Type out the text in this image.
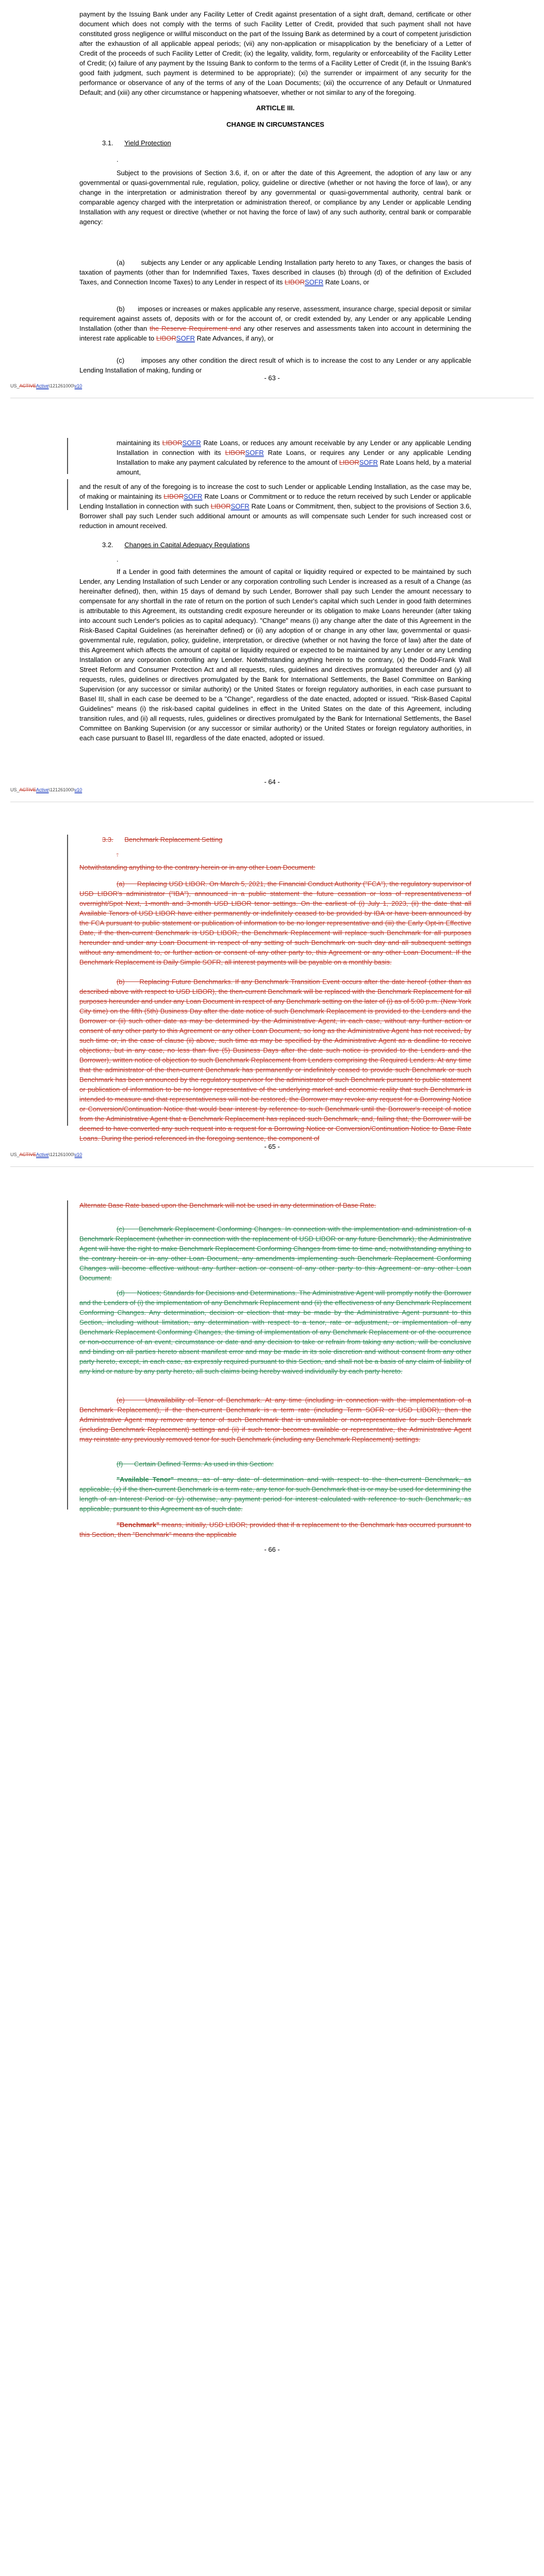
payment by the Issuing Bank under any Facility Letter of Credit against presentation of a sight draft, demand, certificate or other document which does not comply with the terms of such Facility Letter of Credit, provided that such payment shall not have constituted gross negligence or willful misconduct on the part of the Issuing Bank as determined by a court of competent jurisdiction after the exhaustion of all applicable appeal periods; (vii) any non-application or misapplication by the beneficiary of a Letter of Credit of the proceeds of such Facility Letter of Credit; (ix) the legality, validity, form, regularity or enforceability of the Facility Letter of Credit; (x) failure of any payment by the Issuing Bank to conform to the terms of a Facility Letter of Credit (if, in the Issuing Bank's good faith judgment, such payment is determined to be appropriate); (xi) the surrender or impairment of any security for the performance or observance of any of the terms of any of the Loan Documents; (xii) the occurrence of any Default or Unmatured Default; and (xiii) any other circumstance or happening whatsoever, whether or not similar to any of the foregoing.

ARTICLE III.

CHANGE IN CIRCUMSTANCES

3.1. Yield Protection

.

Subject to the provisions of Section 3.6, if, on or after the date of this Agreement, the adoption of any law or any governmental or quasi-governmental rule, regulation, policy, guideline or directive (whether or not having the force of law), or any change in the interpretation or administration thereof by any governmental or quasi-governmental authority, central bank or comparable agency charged with the interpretation or administration thereof, or compliance by any Lender or applicable Lending Installation with any request or directive (whether or not having the force of law) of any such authority, central bank or comparable agency:

(a) subjects any Lender or any applicable Lending Installation party hereto to any Taxes, or changes the basis of taxation of payments (other than for Indemnified Taxes, Taxes described in clauses (b) through (d) of the definition of Excluded Taxes, and Connection Income Taxes) to any Lender in respect of its LIBORSOFR Rate Loans, or

(b) imposes or increases or makes applicable any reserve, assessment, insurance charge, special deposit or similar requirement against assets of, deposits with or for the account of, or credit extended by, any Lender or any applicable Lending Installation (other than the Reserve Requirement and any other reserves and assessments taken into account in determining the interest rate applicable to LIBORSOFR Rate Advances, if any), or

(c)	imposes any other condition the direct result of which is to increase the cost to any Lender or any applicable Lending Installation of making, funding or

- 63 -
US_ACTIVEActive\121261000\v10

maintaining its LIBORSOFR Rate Loans, or reduces any amount receivable by any Lender or any applicable Lending Installation in connection with its LIBORSOFR Rate Loans, or requires any Lender or any applicable Lending Installation to make any payment calculated by reference to the amount of LIBORSOFR Rate Loans held, by a material amount,

and the result of any of the foregoing is to increase the cost to such Lender or applicable Lending Installation, as the case may be, of making or maintaining its LIBORSOFR Rate Loans or Commitment or to reduce the return received by such Lender or applicable Lending Installation in connection with such LIBORSOFR Rate Loans or Commitment, then, subject to the provisions of Section 3.6, Borrower shall pay such Lender such additional amount or amounts as will compensate such Lender for such increased cost or reduction in amount received.

3.2. Changes in Capital Adequacy Regulations

.

If a Lender in good faith determines the amount of capital or liquidity required or expected to be maintained by such Lender, any Lending Installation of such Lender or any corporation controlling such Lender is increased as a result of a Change (as hereinafter defined), then, within 15 days of demand by such Lender, Borrower shall pay such Lender the amount necessary to compensate for any shortfall in the rate of return on the portion of such Lender's capital which such Lender in good faith determines is attributable to this Agreement, its outstanding credit exposure hereunder or its obligation to make Loans hereunder (after taking into account such Lender's policies as to capital adequacy). "Change" means (i) any change after the date of this Agreement in the Risk-Based Capital Guidelines (as hereinafter defined) or (ii) any adoption of or change in any other law, governmental or quasi-governmental rule, regulation, policy, guideline, interpretation, or directive (whether or not having the force of law) after the date of this Agreement which affects the amount of capital or liquidity required or expected to be maintained by any Lender or any Lending Installation or any corporation controlling any Lender. Notwithstanding anything herein to the contrary, (x) the Dodd-Frank Wall Street Reform and Consumer Protection Act and all requests, rules, guidelines and directives promulgated thereunder and (y) all requests, rules, guidelines or directives promulgated by the Bank for International Settlements, the Basel Committee on Banking Supervision (or any successor or similar authority) or the United States or foreign regulatory authorities, in each case pursuant to Basel III, shall in each case be deemed to be a "Change", regardless of the date enacted, adopted or issued. "Risk-Based Capital Guidelines" means (i) the risk-based capital guidelines in effect in the United States on the date of this Agreement, including transition rules, and (ii) all requests, rules, guidelines or directives promulgated by the Bank for International Settlements, the Basel Committee on Banking Supervision (or any successor or similar authority) or the United States or foreign regulatory authorities, in each case pursuant to Basel III, regardless of the date enacted, adopted or issued.

- 64 -
US_ACTIVEActive\121261000\v10

3.3. Benchmark Replacement Setting

.

Notwithstanding anything to the contrary herein or in any other Loan Document:

(a) Replacing USD LIBOR. On March 5, 2021, the Financial Conduct Authority ("FCA"), the regulatory supervisor of USD LIBOR's administrator ("IBA"), announced in a public statement the future cessation or loss of representativeness of overnight/Spot Next, 1-month and 3-month USD LIBOR tenor settings. On the earliest of (i) July 1, 2023, (ii) the date that all Available Tenors of USD LIBOR have either permanently or indefinitely ceased to be provided by IBA or have been announced by the FCA pursuant to public statement or publication of information to be no longer representative and (iii) the Early Opt-in Effective Date, if the then-current Benchmark is USD LIBOR, the Benchmark Replacement will replace such Benchmark for all purposes hereunder and under any Loan Document in respect of any setting of such Benchmark on such day and all subsequent settings without any amendment to, or further action or consent of any other party to, this Agreement or any other Loan Document. If the Benchmark Replacement is Daily Simple SOFR, all interest payments will be payable on a monthly basis.

(b) Replacing Future Benchmarks. If any Benchmark Transition Event occurs after the date hereof (other than as described above with respect to USD LIBOR), the then-current Benchmark will be replaced with the Benchmark Replacement for all purposes hereunder and under any Loan Document in respect of any Benchmark setting on the later of (i) as of 5:00 p.m. (New York City time) on the fifth (5th) Business Day after the date notice of such Benchmark Replacement is provided to the Lenders and the Borrower or (ii) such other date as may be determined by the Administrative Agent, in each case, without any further action or consent of any other party to this Agreement or any other Loan Document, so long as the Administrative Agent has not received, by such time or, in the case of clause (ii) above, such time as may be specified by the Administrative Agent as a deadline to receive objections, but in any case, no less than five (5) Business Days after the date such notice is provided to the Lenders and the Borrower), written notice of objection to such Benchmark Replacement from Lenders comprising the Required Lenders. At any time that the administrator of the then-current Benchmark has permanently or indefinitely ceased to provide such Benchmark or such Benchmark has been announced by the regulatory supervisor for the administrator of such Benchmark pursuant to public statement or publication of information to be no longer representative of the underlying market and economic reality that such Benchmark is intended to measure and that representativeness will not be restored, the Borrower may revoke any request for a Borrowing Notice or Conversion/Continuation Notice that would bear interest by reference to such Benchmark until the Borrower's receipt of notice from the Administrative Agent that a Benchmark Replacement has replaced such Benchmark, and, failing that, the Borrower will be deemed to have converted any such request into a request for a Borrowing Notice or Conversion/Continuation Notice to Base Rate Loans. During the period referenced in the foregoing sentence, the component of

- 65 -
US_ACTIVEActive\121261000\v10

Alternate Base Rate based upon the Benchmark will not be used in any determination of Base Rate.

(c) Benchmark Replacement Conforming Changes. In connection with the implementation and administration of a Benchmark Replacement (whether in connection with the replacement of USD LIBOR or any future Benchmark), the Administrative Agent will have the right to make Benchmark Replacement Conforming Changes from time to time and, notwithstanding anything to the contrary herein or in any other Loan Document, any amendments implementing such Benchmark Replacement Conforming Changes will become effective without any further action or consent of any other party to this Agreement or any other Loan Document.

(d) Notices; Standards for Decisions and Determinations. The Administrative Agent will promptly notify the Borrower and the Lenders of (i) the implementation of any Benchmark Replacement and (ii) the effectiveness of any Benchmark Replacement Conforming Changes. Any determination, decision or election that may be made by the Administrative Agent pursuant to this Section, including without limitation, any determination with respect to a tenor, rate or adjustment, or implementation of any Benchmark Replacement Conforming Changes, the timing of implementation of any Benchmark Replacement or of the occurrence or non-occurrence of an event, circumstance or date and any decision to take or refrain from taking any action, will be conclusive and binding on all parties hereto absent manifest error and may be made in its sole discretion and without consent from any other party hereto, except, in each case, as expressly required pursuant to this Section, and shall not be a basis of any claim of liability of any kind or nature by any party hereto, all such claims being hereby waived individually by each party hereto.

(e)	Unavailability of Tenor of Benchmark. At any time (including in connection with the implementation of a Benchmark Replacement), if the then-current Benchmark is a term rate (including Term SOFR or USD LIBOR), then the Administrative Agent may remove any tenor of such Benchmark that is unavailable or non-representative for such Benchmark (including Benchmark Replacement) settings and (ii) if such tenor becomes available or representative, the Administrative Agent may reinstate any previously removed tenor for such Benchmark (including any Benchmark Replacement) settings.

(f) Certain Defined Terms. As used in this Section:

"Available Tenor" means, as of any date of determination and with respect to the then-current Benchmark, as applicable, (x) if the then-current Benchmark is a term rate, any tenor for such Benchmark that is or may be used for determining the length of an Interest Period or (y) otherwise, any payment period for interest calculated with reference to such Benchmark, as applicable, pursuant to this Agreement as of such date.

"Benchmark" means, initially, USD LIBOR; provided that if a replacement to the Benchmark has occurred pursuant to this Section, then "Benchmark" means the applicable

- 66 -
